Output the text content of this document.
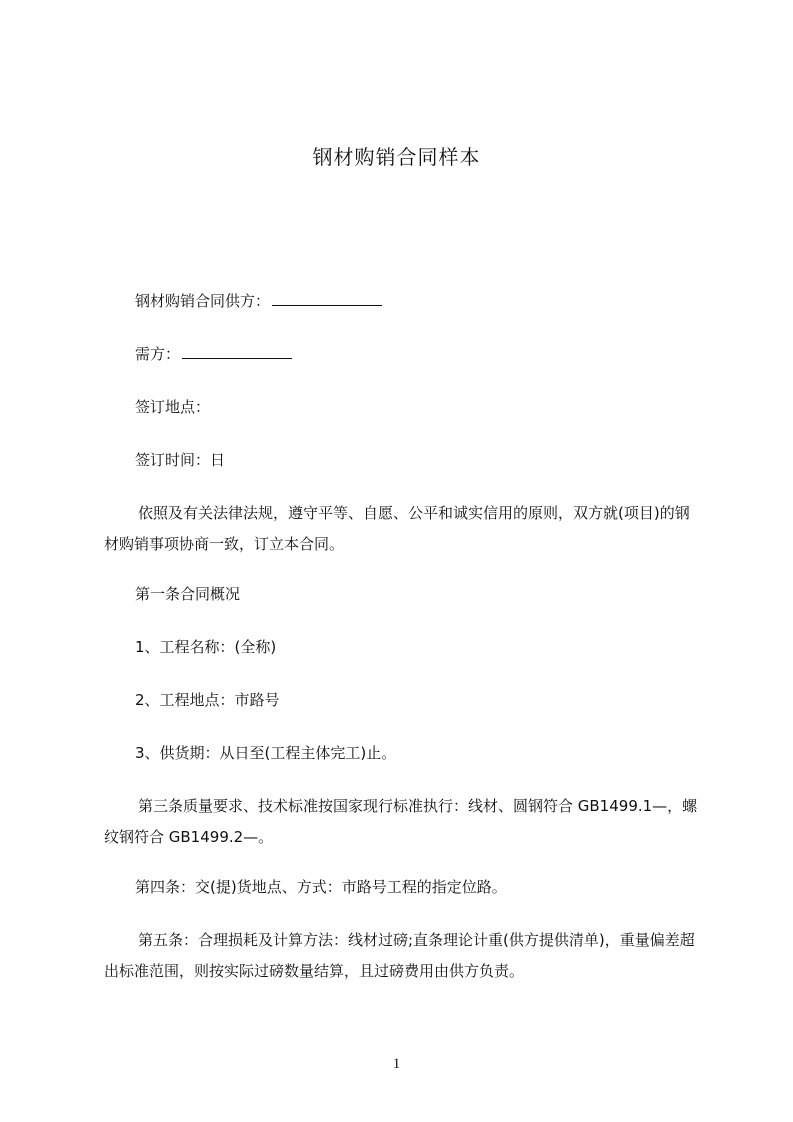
钢材购销合同样本
钢材购销合同供方：
需方：
签订地点：
签订时间：日
依照及有关法律法规，遵守平等、自愿、公平和诚实信用的原则，双方就(项目)的钢材购销事项协商一致，订立本合同。
第一条合同概况
1、工程名称：(全称)
2、工程地点：市路号
3、供货期：从日至(工程主体完工)止。
第三条质量要求、技术标准按国家现行标准执行：线材、圆钢符合 GB1499.1—，螺纹钢符合 GB1499.2—。
第四条：交(提)货地点、方式：市路号工程的指定位路。
第五条：合理损耗及计算方法：线材过磅;直条理论计重(供方提供清单)，重量偏差超出标准范围，则按实际过磅数量结算，且过磅费用由供方负责。
1
